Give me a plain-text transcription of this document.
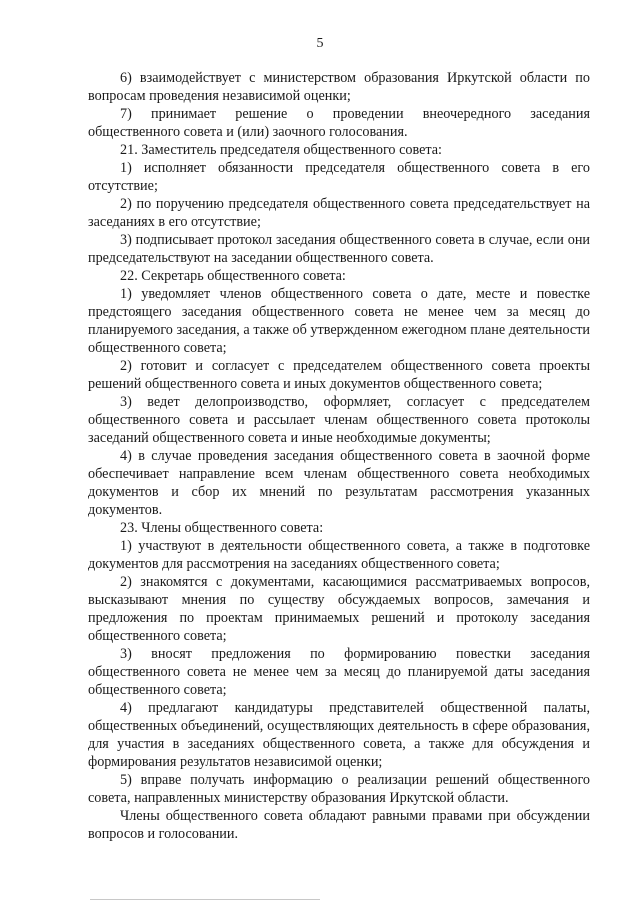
5

6) взаимодействует с министерством образования Иркутской области по вопросам проведения независимой оценки;

7) принимает решение о проведении внеочередного заседания общественного совета и (или) заочного голосования.

21. Заместитель председателя общественного совета:

1) исполняет обязанности председателя общественного совета в его отсутствие;

2) по поручению председателя общественного совета председательствует на заседаниях в его отсутствие;

3) подписывает протокол заседания общественного совета в случае, если они председательствуют на заседании общественного совета.

22. Секретарь общественного совета:

1) уведомляет членов общественного совета о дате, месте и повестке предстоящего заседания общественного совета не менее чем за месяц до планируемого заседания, а также об утвержденном ежегодном плане деятельности общественного совета;

2) готовит и согласует с председателем общественного совета проекты решений общественного совета и иных документов общественного совета;

3) ведет делопроизводство, оформляет, согласует с председателем общественного совета и рассылает членам общественного совета протоколы заседаний общественного совета и иные необходимые документы;

4) в случае проведения заседания общественного совета в заочной форме обеспечивает направление всем членам общественного совета необходимых документов и сбор их мнений по результатам рассмотрения указанных документов.

23. Члены общественного совета:

1) участвуют в деятельности общественного совета, а также в подготовке документов для рассмотрения на заседаниях общественного совета;

2) знакомятся с документами, касающимися рассматриваемых вопросов, высказывают мнения по существу обсуждаемых вопросов, замечания и предложения по проектам принимаемых решений и протоколу заседания общественного совета;

3) вносят предложения по формированию повестки заседания общественного совета не менее чем за месяц до планируемой даты заседания общественного совета;

4) предлагают кандидатуры представителей общественной палаты, общественных объединений, осуществляющих деятельность в сфере образования, для участия в заседаниях общественного совета, а также для обсуждения и формирования результатов независимой оценки;

5) вправе получать информацию о реализации решений общественного совета, направленных министерству образования Иркутской области.

Члены общественного совета обладают равными правами при обсуждении вопросов и голосовании.
